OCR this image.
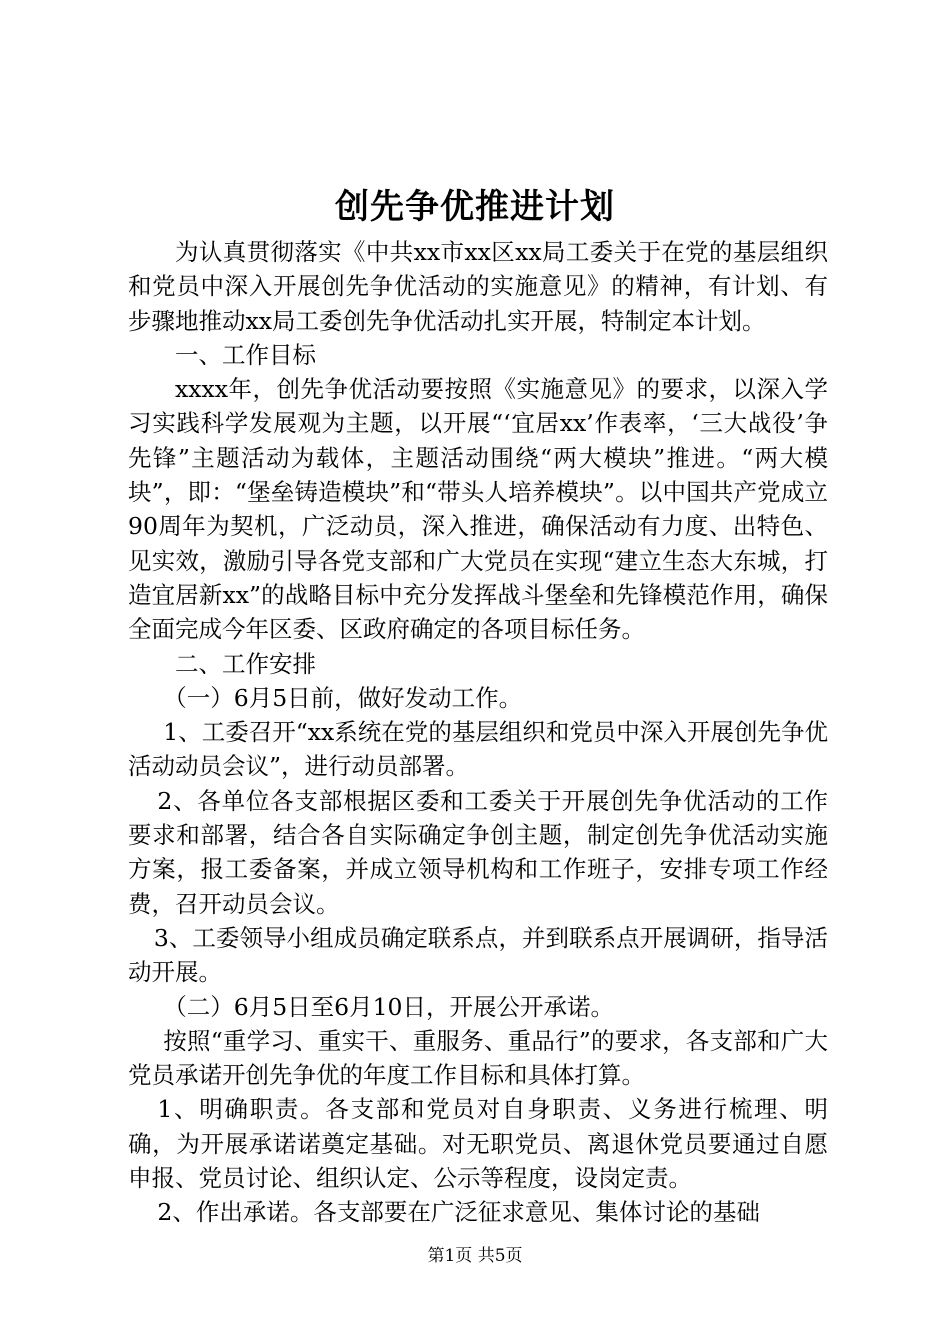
创先争优推进计划

为认真贯彻落实《中共xx市xx区xx局工委关于在党的基层组织和党员中深入开展创先争优活动的实施意见》的精神，有计划、有步骤地推动xx局工委创先争优活动扎实开展，特制定本计划。

一、工作目标

xxxx年，创先争优活动要按照《实施意见》的要求，以深入学习实践科学发展观为主题，以开展“‘宜居xx’作表率，‘三大战役’争先锋”主题活动为载体，主题活动围绕“两大模块”推进。“两大模块”，即：“堡垒铸造模块”和“带头人培养模块”。以中国共产党成立90周年为契机，广泛动员，深入推进，确保活动有力度、出特色、见实效，激励引导各党支部和广大党员在实现“建立生态大东城，打造宜居新xx”的战略目标中充分发挥战斗堡垒和先锋模范作用，确保全面完成今年区委、区政府确定的各项目标任务。

二、工作安排

（一）6月5日前，做好发动工作。

1、工委召开“xx系统在党的基层组织和党员中深入开展创先争优活动动员会议”，进行动员部署。

2、各单位各支部根据区委和工委关于开展创先争优活动的工作要求和部署，结合各自实际确定争创主题，制定创先争优活动实施方案，报工委备案，并成立领导机构和工作班子，安排专项工作经费，召开动员会议。

3、工委领导小组成员确定联系点，并到联系点开展调研，指导活动开展。

（二）6月5日至6月10日，开展公开承诺。

按照“重学习、重实干、重服务、重品行”的要求，各支部和广大党员承诺开创先争优的年度工作目标和具体打算。

1、明确职责。各支部和党员对自身职责、义务进行梳理、明确，为开展承诺诺奠定基础。对无职党员、离退休党员要通过自愿申报、党员讨论、组织认定、公示等程度，设岗定责。

2、作出承诺。各支部要在广泛征求意见、集体讨论的基础

第1页 共5页
